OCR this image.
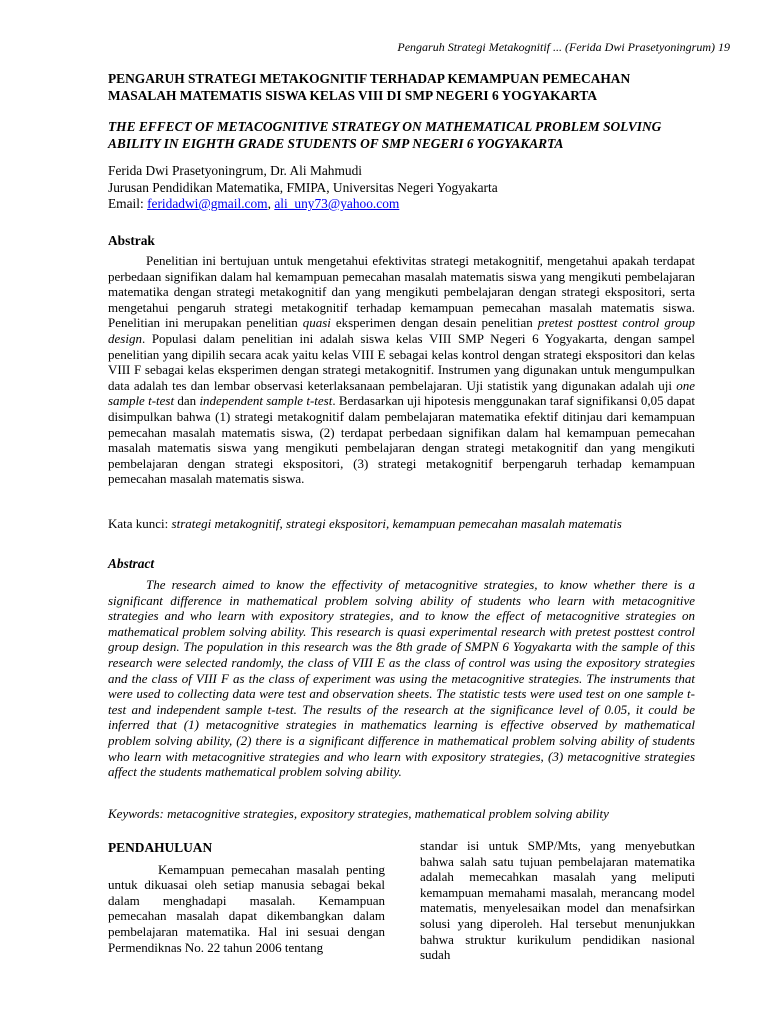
Pengaruh Strategi Metakognitif ... (Ferida Dwi Prasetyoningrum) 19
PENGARUH STRATEGI METAKOGNITIF TERHADAP KEMAMPUAN PEMECAHAN MASALAH MATEMATIS SISWA KELAS VIII DI SMP NEGERI 6 YOGYAKARTA
THE EFFECT OF METACOGNITIVE STRATEGY ON MATHEMATICAL PROBLEM SOLVING ABILITY IN EIGHTH GRADE STUDENTS OF SMP NEGERI 6 YOGYAKARTA
Ferida Dwi Prasetyoningrum, Dr. Ali Mahmudi
Jurusan Pendidikan Matematika, FMIPA, Universitas Negeri Yogyakarta
Email: feridadwi@gmail.com, ali_uny73@yahoo.com
Abstrak
Penelitian ini bertujuan untuk mengetahui efektivitas strategi metakognitif, mengetahui apakah terdapat perbedaan signifikan dalam hal kemampuan pemecahan masalah matematis siswa yang mengikuti pembelajaran matematika dengan strategi metakognitif dan yang mengikuti pembelajaran dengan strategi ekspositori, serta mengetahui pengaruh strategi metakognitif terhadap kemampuan pemecahan masalah matematis siswa. Penelitian ini merupakan penelitian quasi eksperimen dengan desain penelitian pretest posttest control group design. Populasi dalam penelitian ini adalah siswa kelas VIII SMP Negeri 6 Yogyakarta, dengan sampel penelitian yang dipilih secara acak yaitu kelas VIII E sebagai kelas kontrol dengan strategi ekspositori dan kelas VIII F sebagai kelas eksperimen dengan strategi metakognitif. Instrumen yang digunakan untuk mengumpulkan data adalah tes dan lembar observasi keterlaksanaan pembelajaran. Uji statistik yang digunakan adalah uji one sample t-test dan independent sample t-test. Berdasarkan uji hipotesis menggunakan taraf signifikansi 0,05 dapat disimpulkan bahwa (1) strategi metakognitif dalam pembelajaran matematika efektif ditinjau dari kemampuan pemecahan masalah matematis siswa, (2) terdapat perbedaan signifikan dalam hal kemampuan pemecahan masalah matematis siswa yang mengikuti pembelajaran dengan strategi metakognitif dan yang mengikuti pembelajaran dengan strategi ekspositori, (3) strategi metakognitif berpengaruh terhadap kemampuan pemecahan masalah matematis siswa.
Kata kunci: strategi metakognitif, strategi ekspositori, kemampuan pemecahan masalah matematis
Abstract
The research aimed to know the effectivity of metacognitive strategies, to know whether there is a significant difference in mathematical problem solving ability of students who learn with metacognitive strategies and who learn with expository strategies, and to know the effect of metacognitive strategies on mathematical problem solving ability. This research is quasi experimental research with pretest posttest control group design. The population in this research was the 8th grade of SMPN 6 Yogyakarta with the sample of this research were selected randomly, the class of VIII E as the class of control was using the expository strategies and the class of VIII F as the class of experiment was using the metacognitive strategies. The instruments that were used to collecting data were test and observation sheets. The statistic tests were used test on one sample t-test and independent sample t-test. The results of the research at the significance level of 0.05, it could be inferred that (1) metacognitive strategies in mathematics learning is effective observed by mathematical problem solving ability, (2) there is a significant difference in mathematical problem solving ability of students who learn with metacognitive strategies and who learn with expository strategies, (3) metacognitive strategies affect the students mathematical problem solving ability.
Keywords: metacognitive strategies, expository strategies, mathematical problem solving ability
PENDAHULUAN

Kemampuan pemecahan masalah penting untuk dikuasai oleh setiap manusia sebagai bekal dalam menghadapi masalah. Kemampuan pemecahan masalah dapat dikembangkan dalam pembelajaran matematika. Hal ini sesuai dengan Permendiknas No. 22 tahun 2006 tentang

standar isi untuk SMP/Mts, yang menyebutkan bahwa salah satu tujuan pembelajaran matematika adalah memecahkan masalah yang meliputi kemampuan memahami masalah, merancang model matematis, menyelesaikan model dan menafsirkan solusi yang diperoleh. Hal tersebut menunjukkan bahwa struktur kurikulum pendidikan nasional sudah
